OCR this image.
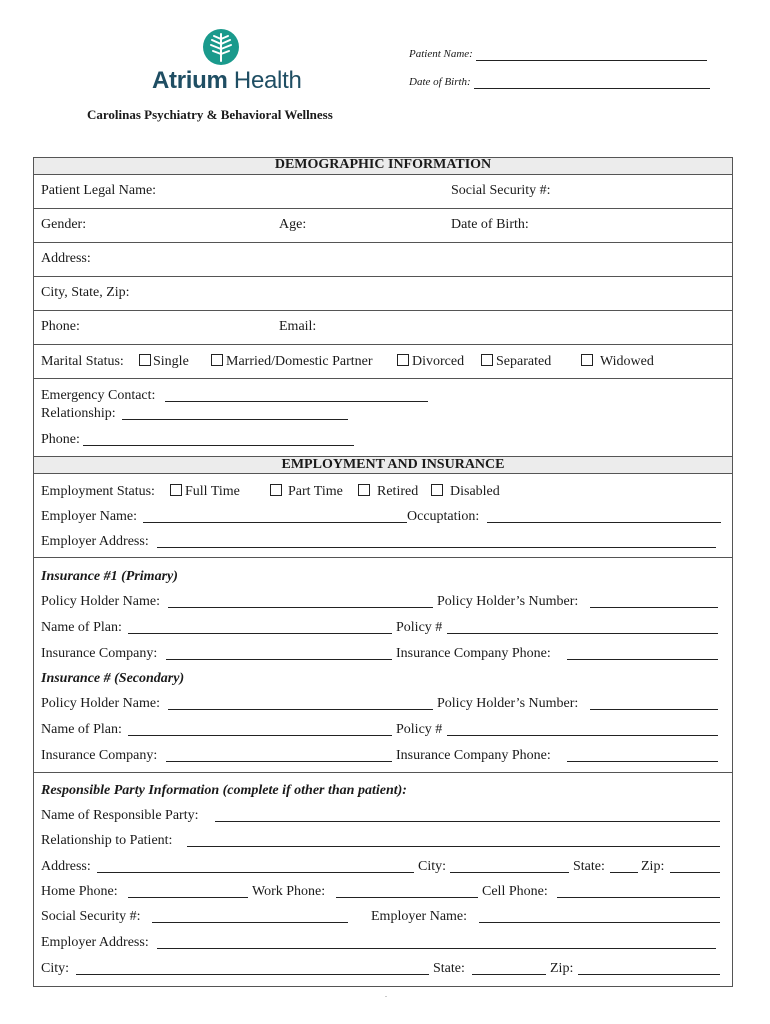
Atrium Health
Patient Name:
Date of Birth:
Carolinas Psychiatry & Behavioral Wellness
DEMOGRAPHIC INFORMATION
Patient Legal Name:	Social Security #:
Gender:	Age:	Date of Birth:
Address:
City, State, Zip:
Phone:	Email:
Marital Status: Single	Married/Domestic Partner	Divorced Separated	Widowed
Emergency Contact:
Relationship:
Phone:
EMPLOYMENT AND INSURANCE
Employment Status: Full Time	Part Time Retired Disabled
Employer Name:	Occuptation:
Employer Address:
Insurance #1 (Primary)
Policy Holder Name:	Policy Holder’s Number:
Name of Plan:	Policy #
Insurance Company:	Insurance Company Phone:
Insurance # (Secondary)
Policy Holder Name:	Policy Holder’s Number:
Name of Plan:	Policy #
Insurance Company:	Insurance Company Phone:
Responsible Party Information (complete if other than patient):
Name of Responsible Party:
Relationship to Patient:
Address:	City:	State:	Zip:
Home Phone:	Work Phone:	Cell Phone:
Social Security #:	Employer Name:
Employer Address:
City:	State:	Zip:
.
